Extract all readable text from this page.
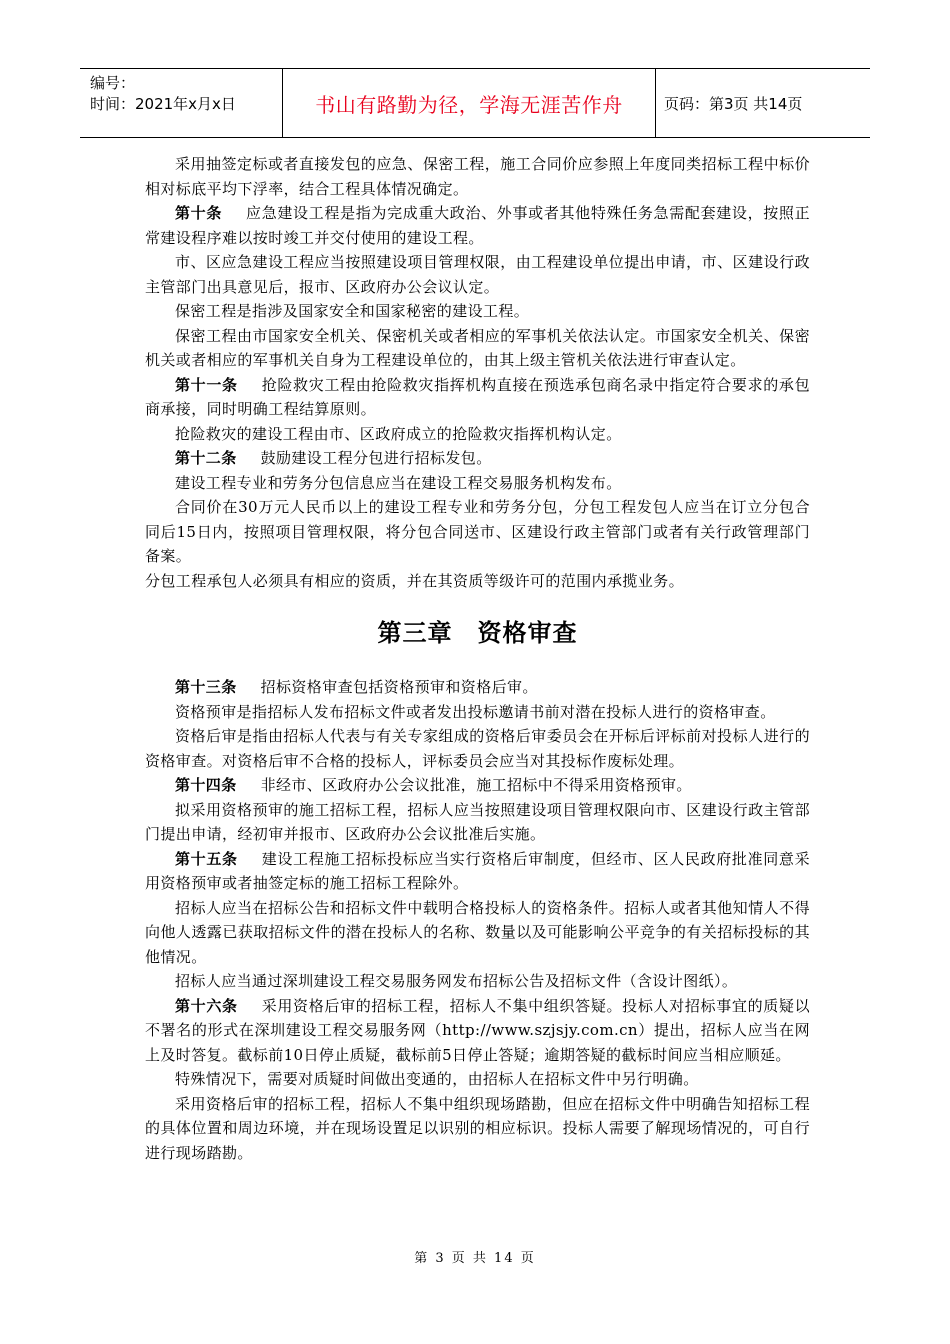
编号：
时间：2021年x月x日	书山有路勤为径，学海无涯苦作舟	页码：第3页 共14页

采用抽签定标或者直接发包的应急、保密工程，施工合同价应参照上年度同类招标工程中标价相对标底平均下浮率，结合工程具体情况确定。

第十条 应急建设工程是指为完成重大政治、外事或者其他特殊任务急需配套建设，按照正常建设程序难以按时竣工并交付使用的建设工程。

市、区应急建设工程应当按照建设项目管理权限，由工程建设单位提出申请，市、区建设行政主管部门出具意见后，报市、区政府办公会议认定。

保密工程是指涉及国家安全和国家秘密的建设工程。

保密工程由市国家安全机关、保密机关或者相应的军事机关依法认定。市国家安全机关、保密机关或者相应的军事机关自身为工程建设单位的，由其上级主管机关依法进行审查认定。

第十一条 抢险救灾工程由抢险救灾指挥机构直接在预选承包商名录中指定符合要求的承包商承接，同时明确工程结算原则。

抢险救灾的建设工程由市、区政府成立的抢险救灾指挥机构认定。

第十二条 鼓励建设工程分包进行招标发包。

建设工程专业和劳务分包信息应当在建设工程交易服务机构发布。

合同价在30万元人民币以上的建设工程专业和劳务分包，分包工程发包人应当在订立分包合同后15日内，按照项目管理权限，将分包合同送市、区建设行政主管部门或者有关行政管理部门备案。

分包工程承包人必须具有相应的资质，并在其资质等级许可的范围内承揽业务。

第三章　资格审查

第十三条 招标资格审查包括资格预审和资格后审。

资格预审是指招标人发布招标文件或者发出投标邀请书前对潜在投标人进行的资格审查。

资格后审是指由招标人代表与有关专家组成的资格后审委员会在开标后评标前对投标人进行的资格审查。对资格后审不合格的投标人，评标委员会应当对其投标作废标处理。

第十四条 非经市、区政府办公会议批准，施工招标中不得采用资格预审。

拟采用资格预审的施工招标工程，招标人应当按照建设项目管理权限向市、区建设行政主管部门提出申请，经初审并报市、区政府办公会议批准后实施。

第十五条 建设工程施工招标投标应当实行资格后审制度，但经市、区人民政府批准同意采用资格预审或者抽签定标的施工招标工程除外。

招标人应当在招标公告和招标文件中载明合格投标人的资格条件。招标人或者其他知情人不得向他人透露已获取招标文件的潜在投标人的名称、数量以及可能影响公平竞争的有关招标投标的其他情况。

招标人应当通过深圳建设工程交易服务网发布招标公告及招标文件（含设计图纸）。

第十六条 采用资格后审的招标工程，招标人不集中组织答疑。投标人对招标事宜的质疑以不署名的形式在深圳建设工程交易服务网（http://www.szjsjy.com.cn）提出，招标人应当在网上及时答复。截标前10日停止质疑，截标前5日停止答疑；逾期答疑的截标时间应当相应顺延。

特殊情况下，需要对质疑时间做出变通的，由招标人在招标文件中另行明确。

采用资格后审的招标工程，招标人不集中组织现场踏勘，但应在招标文件中明确告知招标工程的具体位置和周边环境，并在现场设置足以识别的相应标识。投标人需要了解现场情况的，可自行进行现场踏勘。

第 3 页 共 14 页
